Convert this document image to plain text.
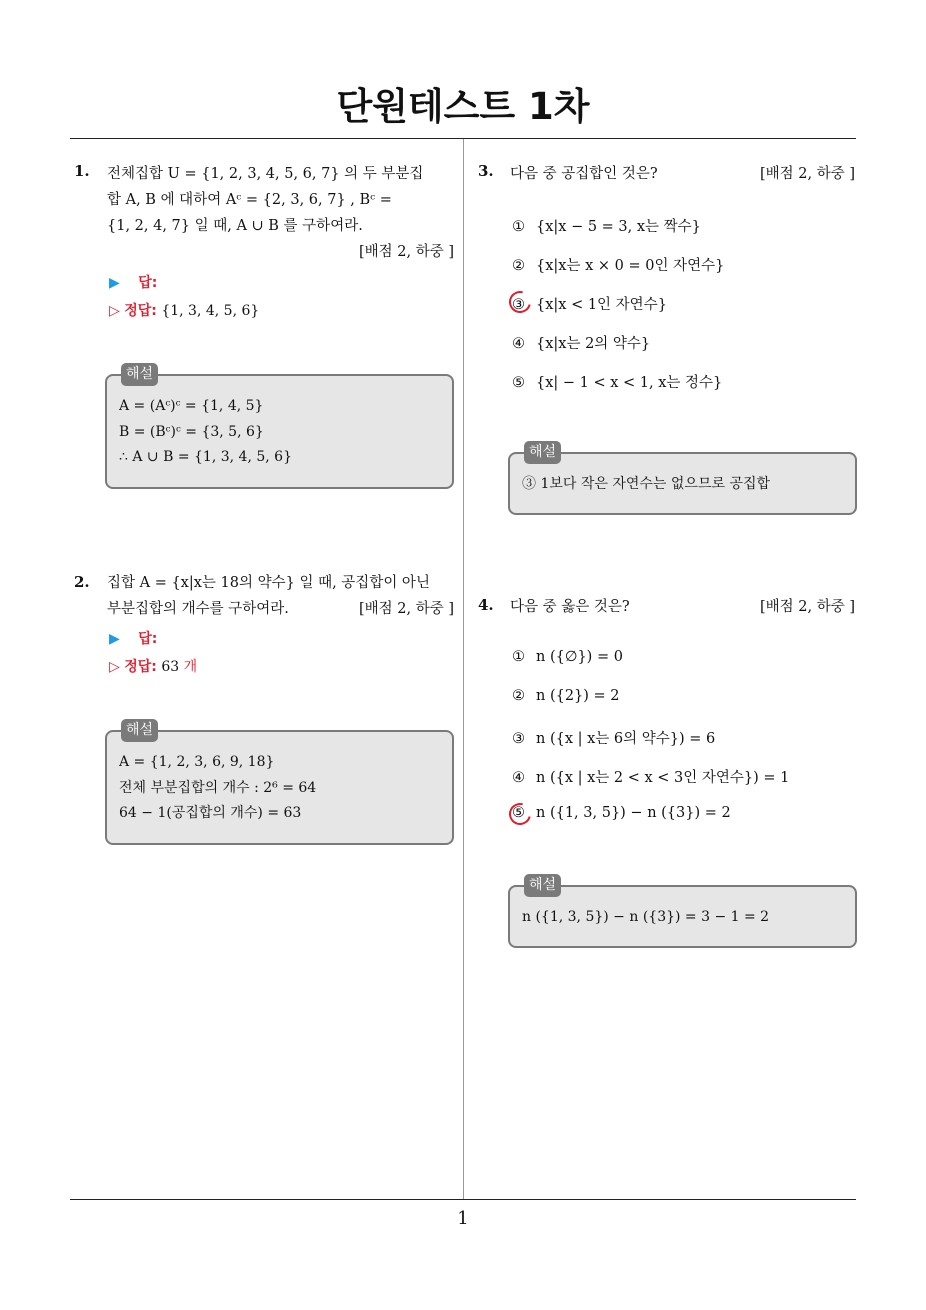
단원테스트 1차
1. 전체집합 U = {1, 2, 3, 4, 5, 6, 7} 의 두 부분집
합 A, B 에 대하여 Aᶜ = {2, 3, 6, 7} , Bᶜ =
{1, 2, 4, 7} 일 때, A ∪ B 를 구하여라.
[배점 2, 하중 ]
▶ 답:
▷ 정답: {1, 3, 4, 5, 6}
해설
A = (Aᶜ)ᶜ = {1, 4, 5}
B = (Bᶜ)ᶜ = {3, 5, 6}
∴ A ∪ B = {1, 3, 4, 5, 6}
2. 집합 A = {x|x는 18의 약수} 일 때, 공집합이 아닌
부분집합의 개수를 구하여라.	[배점 2, 하중 ]
▶ 답:
▷ 정답: 63 개
해설
A = {1, 2, 3, 6, 9, 18}
전체 부분집합의 개수 : 2⁶ = 64
64 − 1(공집합의 개수) = 63
3. 다음 중 공집합인 것은?	[배점 2, 하중 ]
① {x|x − 5 = 3, x는 짝수}
② {x|x는 x × 0 = 0인 자연수}
③ {x|x < 1인 자연수}
④ {x|x는 2의 약수}
⑤ {x| − 1 < x < 1, x는 정수}
해설
③ 1보다 작은 자연수는 없으므로 공집합
4. 다음 중 옳은 것은?	[배점 2, 하중 ]
① n ({∅}) = 0
② n ({2}) = 2
③ n ({x | x는 6의 약수}) = 6
④ n ({x | x는 2 < x < 3인 자연수}) = 1
⑤ n ({1, 3, 5}) − n ({3}) = 2
해설
n ({1, 3, 5}) − n ({3}) = 3 − 1 = 2
1
